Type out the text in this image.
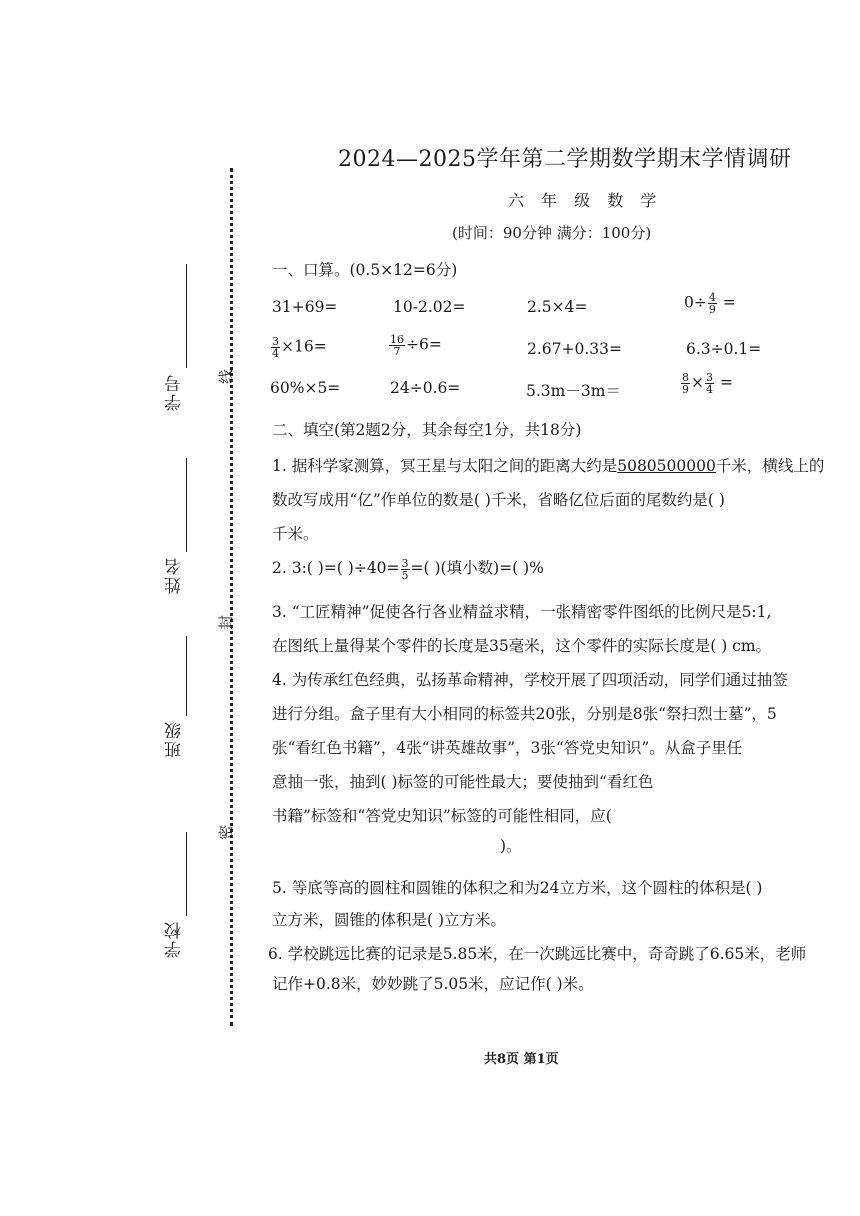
2024—2025学年第二学期数学期末学情调研
六 年 级 数 学
(时间：90分钟 满分：100分)
学号
姓名
班级
学校
线
封
密
一、口算。(0.5×12=6分)
31+69=	10-2.02=	2.5×4=	$0\div \frac{4}{9}$ =
$\frac{3}{4} \times 16=$	$\frac{16}{7} \div 6=$	2.67+0.33=	6.3÷0.1=
60%×5=	24÷0.6=	5.3m－3m＝	$\frac{8}{9} \times \frac{3}{4}$ =
二、填空(第2题2分，其余每空1分，共18分)
1. 据科学家测算，冥王星与太阳之间的距离大约是5080500000千米，横线上的
数改写成用“亿”作单位的数是( )千米，省略亿位后面的尾数约是( )
千米。
2. 3:( )=( )$\div 40= \frac{3}{5}$ =( )(填小数)=( )%
3. “工匠精神”促使各行各业精益求精，一张精密零件图纸的比例尺是5:1,
在图纸上量得某个零件的长度是35毫米，这个零件的实际长度是( ) cm。
4. 为传承红色经典，弘扬革命精神，学校开展了四项活动，同学们通过抽签
进行分组。盒子里有大小相同的标签共20张，分别是8张“祭扫烈士墓”，5
张“看红色书籍”，4张“讲英雄故事”，3张“答党史知识”。从盒子里任
意抽一张，抽到( )标签的可能性最大；要使抽到“看红色
书籍”标签和“答党史知识”标签的可能性相同，应(
)。
5. 等底等高的圆柱和圆锥的体积之和为24立方米，这个圆柱的体积是( )
立方米，圆锥的体积是( )立方米。
6. 学校跳远比赛的记录是5.85米，在一次跳远比赛中，奇奇跳了6.65米，老师
记作+0.8米，妙妙跳了5.05米，应记作( )米。
共8页 第1页
